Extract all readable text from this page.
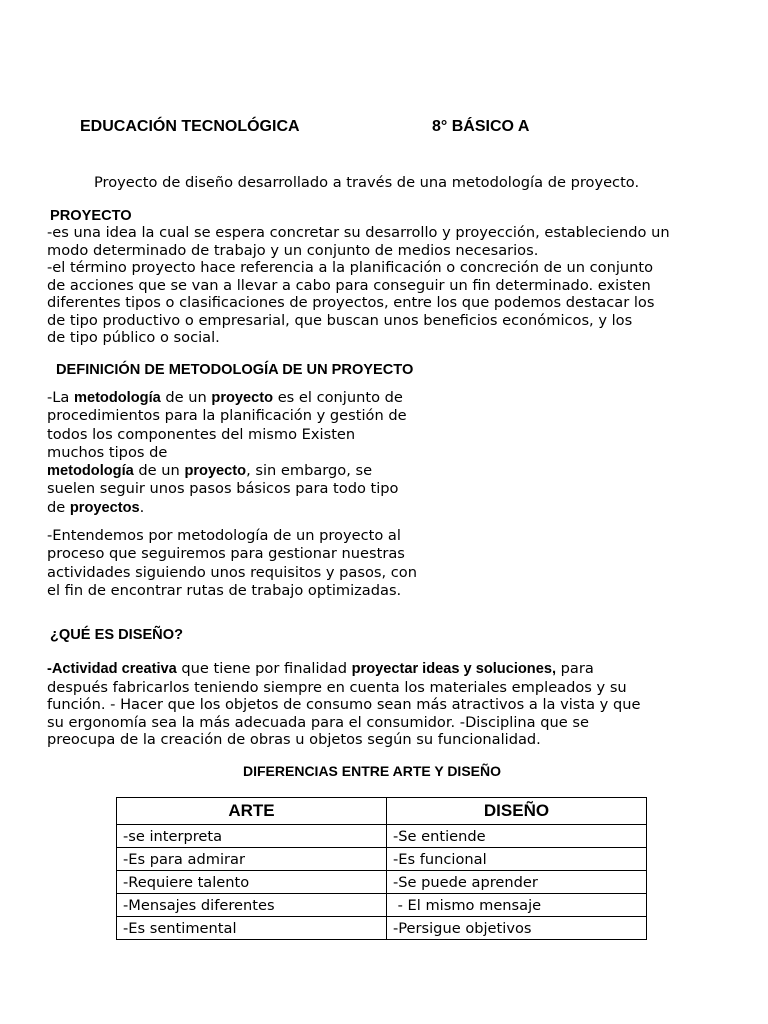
EDUCACIÓN TECNOLÓGICA	8° BÁSICO A
Proyecto de diseño desarrollado a través de una metodología de proyecto.
PROYECTO
-es una idea la cual se espera concretar su desarrollo y proyección, estableciendo un
modo determinado de trabajo y un conjunto de medios necesarios.
-el término proyecto hace referencia a la planificación o concreción de un conjunto
de acciones que se van a llevar a cabo para conseguir un fin determinado. existen
diferentes tipos o clasificaciones de proyectos, entre los que podemos destacar los
de tipo productivo o empresarial, que buscan unos beneficios económicos, y los
de tipo público o social.
DEFINICIÓN DE METODOLOGÍA DE UN PROYECTO
-La metodología de un proyecto es el conjunto de
procedimientos para la planificación y gestión de
todos los componentes del mismo Existen
muchos tipos de
metodología de un proyecto, sin embargo, se
suelen seguir unos pasos básicos para todo tipo
de proyectos.
-Entendemos por metodología de un proyecto al
proceso que seguiremos para gestionar nuestras
actividades siguiendo unos requisitos y pasos, con
el fin de encontrar rutas de trabajo optimizadas.
¿QUÉ ES DISEÑO?
-Actividad creativa que tiene por finalidad proyectar ideas y soluciones, para
después fabricarlos teniendo siempre en cuenta los materiales empleados y su
función. - Hacer que los objetos de consumo sean más atractivos a la vista y que
su ergonomía sea la más adecuada para el consumidor. -Disciplina que se
preocupa de la creación de obras u objetos según su funcionalidad.
DIFERENCIAS ENTRE ARTE Y DISEÑO
ARTE	DISEÑO
-se interpreta	-Se entiende
-Es para admirar	-Es funcional
-Requiere talento	-Se puede aprender
-Mensajes diferentes	- El mismo mensaje
-Es sentimental	-Persigue objetivos
